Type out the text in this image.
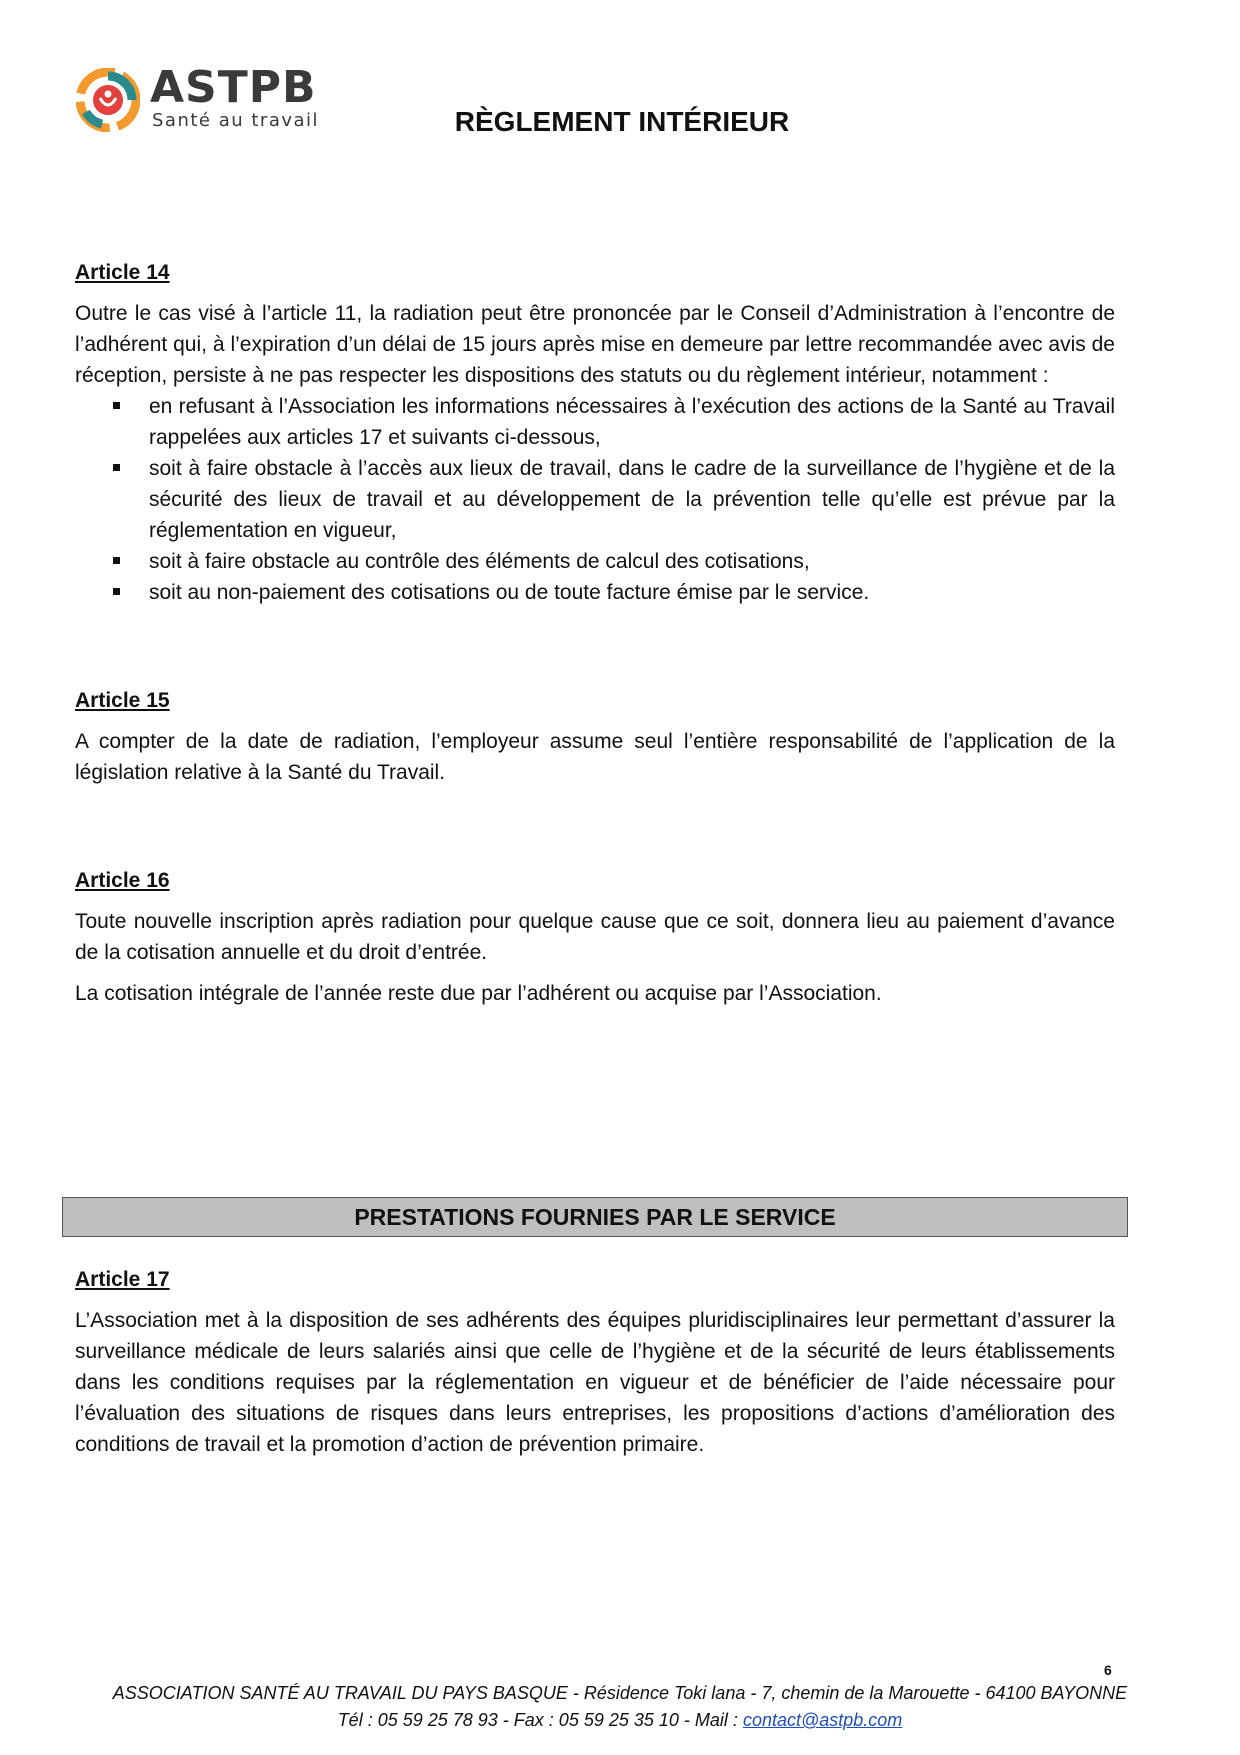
ASTPB
Santé au travail	RÈGLEMENT INTÉRIEUR
Article 14

Outre le cas visé à l’article 11, la radiation peut être prononcée par le Conseil d’Administration à l’encontre de l’adhérent qui, à l’expiration d’un délai de 15 jours après mise en demeure par lettre recommandée avec avis de réception, persiste à ne pas respecter les dispositions des statuts ou du règlement intérieur, notamment :

en refusant à l’Association les informations nécessaires à l’exécution des actions de la Santé au Travail rappelées aux articles 17 et suivants ci-dessous,
soit à faire obstacle à l’accès aux lieux de travail, dans le cadre de la surveillance de l’hygiène et de la sécurité des lieux de travail et au développement de la prévention telle qu’elle est prévue par la réglementation en vigueur,
soit à faire obstacle au contrôle des éléments de calcul des cotisations,
soit au non-paiement des cotisations ou de toute facture émise par le service.
Article 15

A compter de la date de radiation, l’employeur assume seul l’entière responsabilité de l’application de la législation relative à la Santé du Travail.

Article 16

Toute nouvelle inscription après radiation pour quelque cause que ce soit, donnera lieu au paiement d’avance de la cotisation annuelle et du droit d’entrée.

La cotisation intégrale de l’année reste due par l’adhérent ou acquise par l’Association.

PRESTATIONS FOURNIES PAR LE SERVICE
Article 17

L’Association met à la disposition de ses adhérents des équipes pluridisciplinaires leur permettant d’assurer la surveillance médicale de leurs salariés ainsi que celle de l’hygiène et de la sécurité de leurs établissements dans les conditions requises par la réglementation en vigueur et de bénéficier de l’aide nécessaire pour l’évaluation des situations de risques dans leurs entreprises, les propositions d’actions d’amélioration des conditions de travail et la promotion d’action de prévention primaire.

6
ASSOCIATION SANTÉ AU TRAVAIL DU PAYS BASQUE - Résidence Toki lana - 7, chemin de la Marouette - 64100 BAYONNE
Tél : 05 59 25 78 93 - Fax : 05 59 25 35 10 - Mail : contact@astpb.com
